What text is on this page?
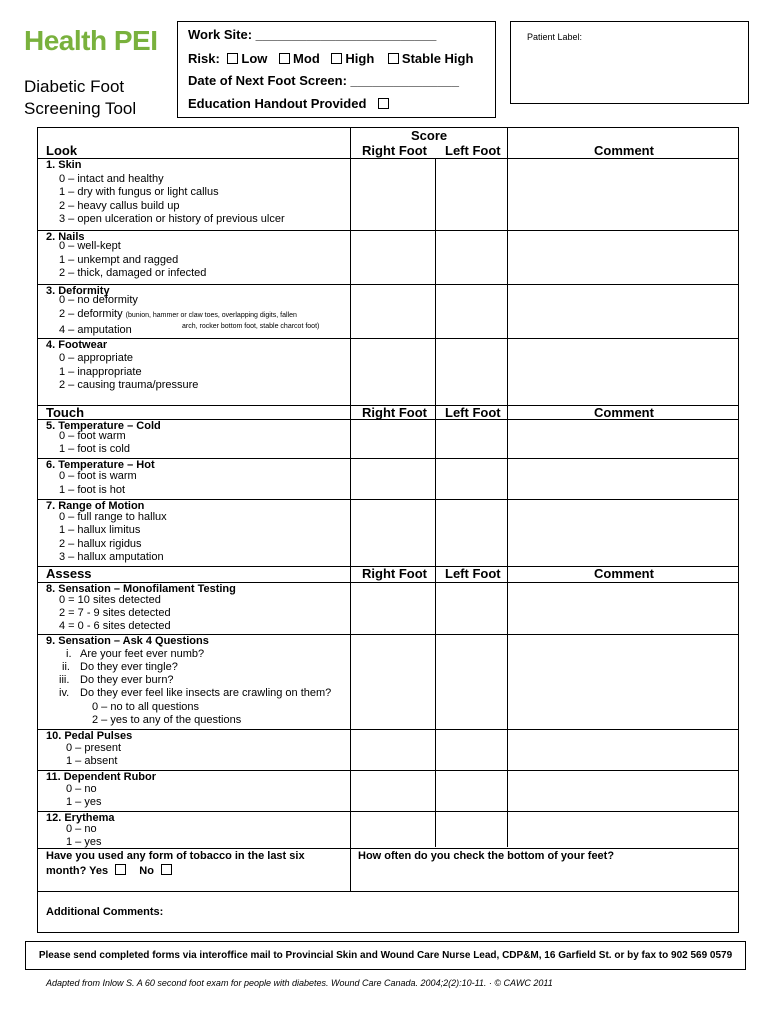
Health PEI
Diabetic Foot
Screening Tool
Work Site: _________________________
Risk: Low Mod High Stable High
Date of Next Foot Screen: _______________
Education Handout Provided
Patient Label:
Score
Right Foot Left Foot	Comment
Look
1. Skin
0 – intact and healthy
1 – dry with fungus or light callus
2 – heavy callus build up
3 – open ulceration or history of previous ulcer
2. Nails
0 – well-kept
1 – unkempt and ragged
2 – thick, damaged or infected
3. Deformity
0 – no deformity
2 – deformity (bunion, hammer or claw toes, overlapping digits, fallen
arch, rocker bottom foot, stable charcot foot)
4 – amputation
4. Footwear
0 – appropriate
1 – inappropriate
2 – causing trauma/pressure
Touch	Right Foot Left Foot	Comment
5. Temperature – Cold
0 – foot warm
1 – foot is cold
6. Temperature – Hot
0 – foot is warm
1 – foot is hot
7. Range of Motion
0 – full range to hallux
1 – hallux limitus
2 – hallux rigidus
3 – hallux amputation
Assess	Right Foot Left Foot	Comment
8. Sensation – Monofilament Testing
0 = 10 sites detected
2 = 7 - 9 sites detected
4 = 0 - 6 sites detected
9. Sensation – Ask 4 Questions
i. Are your feet ever numb?
ii. Do they ever tingle?
iii. Do they ever burn?
iv. Do they ever feel like insects are crawling on them?
0 – no to all questions
2 – yes to any of the questions
10. Pedal Pulses
0 – present
1 – absent
11. Dependent Rubor
0 – no
1 – yes
12. Erythema
0 – no
1 – yes
Have you used any form of tobacco in the last six
month? Yes	No
How often do you check the bottom of your feet?
Additional Comments:
Please send completed forms via interoffice mail to Provincial Skin and Wound Care Nurse Lead, CDP&M, 16 Garfield St. or by fax to 902 569 0579
Adapted from Inlow S. A 60 second foot exam for people with diabetes. Wound Care Canada. 2004;2(2):10-11. · © CAWC 2011
